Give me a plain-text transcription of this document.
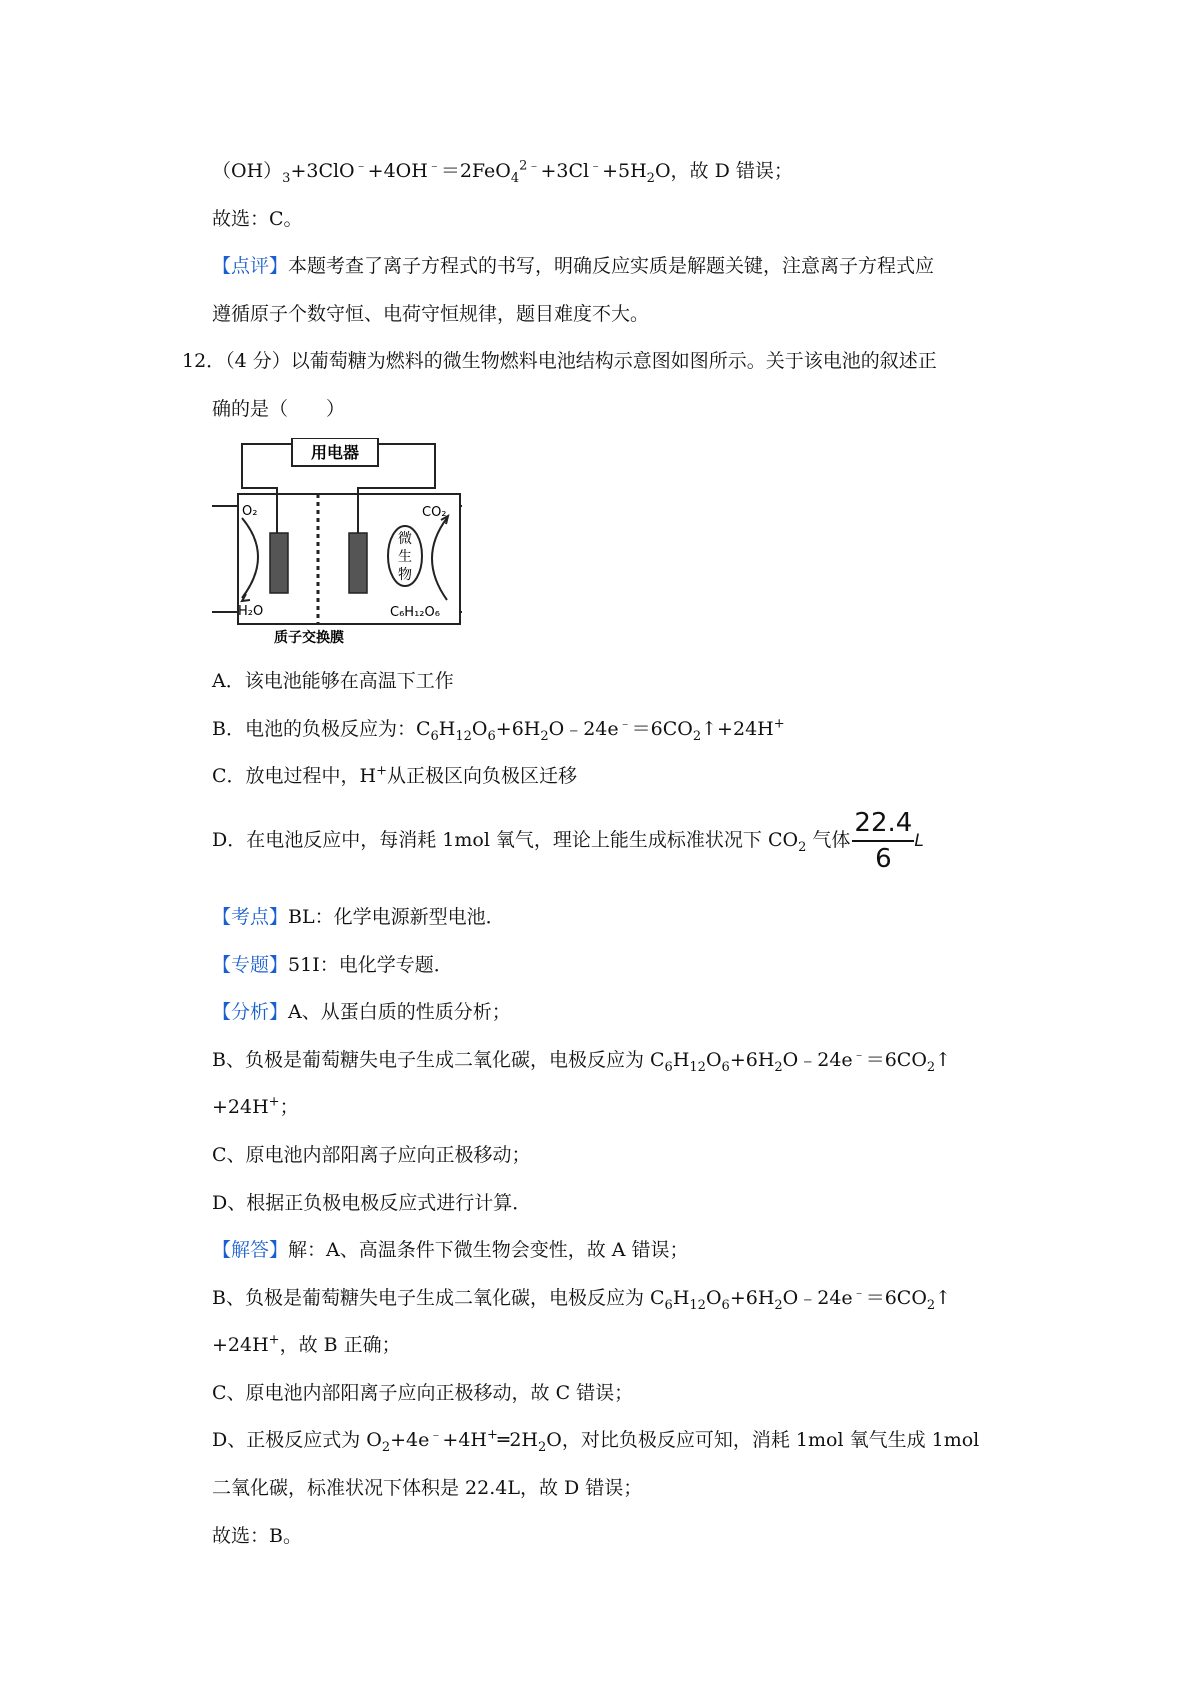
$(OH)_3+3ClO^﹣+4OH^﹣=2FeO_4^{2﹣}+3Cl^﹣+5H_2O$，故 D 错误；
故选：C。
【点评】本题考查了离子方程式的书写，明确反应实质是解题关键，注意离子方程式应
遵循原子个数守恒、电荷守恒规律，题目难度不大。
12．（4 分）以葡萄糖为燃料的微生物燃料电池结构示意图如图所示。关于该电池的叙述正
确的是（　　）
用电器
微
生
物
O₂
H₂O
CO₂
C₆H₁₂O₆
质子交换膜
A．该电池能够在高温下工作
B．电池的负极反应为：$C_6H_{12}O_6+6H_2O﹣24e^﹣=6CO_2↑+24H^+$
C．放电过程中，H+从正极区向负极区迁移
D．在电池反应中，每消耗 1mol 氧气，理论上能生成标准状况下 $CO_2$ 气体 $\frac{22.4}{6}$ L
【考点】BL：化学电源新型电池．
【专题】51I：电化学专题．
【分析】A、从蛋白质的性质分析；
B、负极是葡萄糖失电子生成二氧化碳，电极反应为 $C_6H_{12}O_6+6H_2O﹣24e^﹣=6CO_2↑$
+24H+；
C、原电池内部阳离子应向正极移动；
D、根据正负极电极反应式进行计算．
【解答】解：A、高温条件下微生物会变性，故 A 错误；
B、负极是葡萄糖失电子生成二氧化碳，电极反应为 $C_6H_{12}O_6+6H_2O﹣24e^﹣=6CO_2↑$
+24H+，故 B 正确；
C、原电池内部阳离子应向正极移动，故 C 错误；
D、正极反应式为 $O_2+4e^﹣+4H^+═2H_2O$，对比负极反应可知，消耗 1mol 氧气生成 1mol
二氧化碳，标准状况下体积是 22.4L，故 D 错误；
故选：B。
